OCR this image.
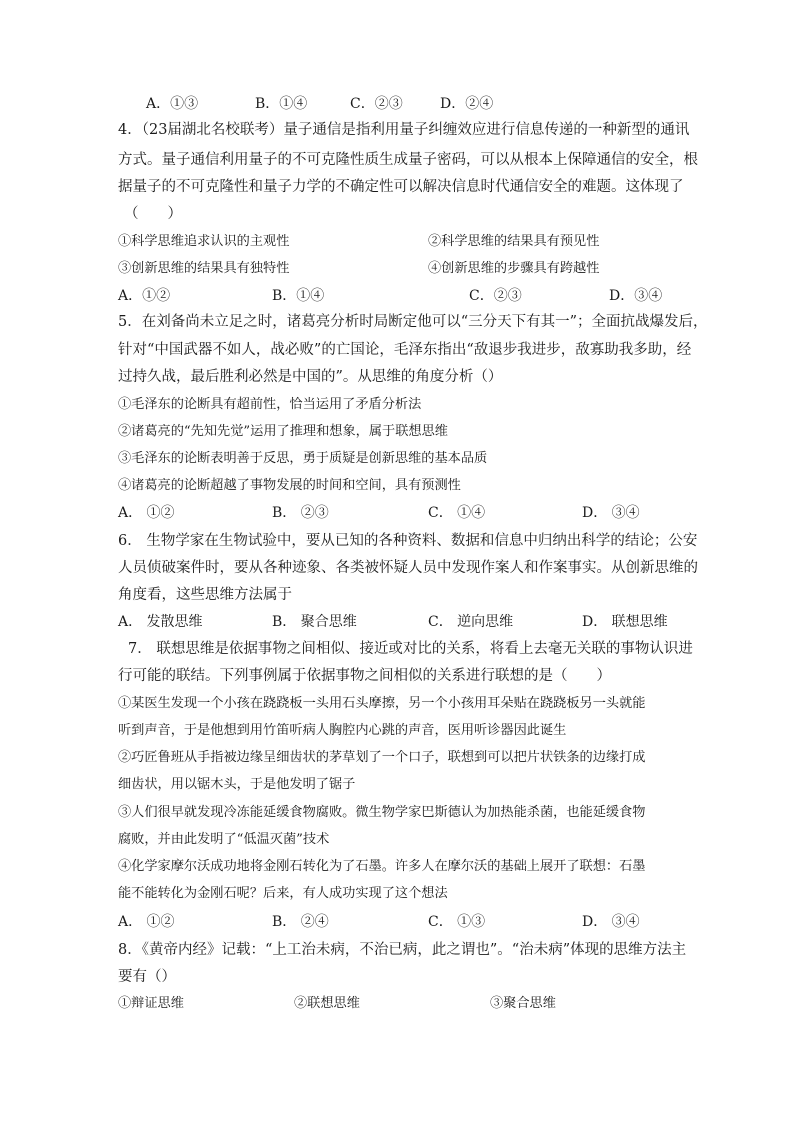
A．①③	B．①④	C．②③	D．②④
4．（23届湖北名校联考）量子通信是指利用量子纠缠效应进行信息传递的一种新型的通讯
方式。量子通信利用量子的不可克隆性质生成量子密码，可以从根本上保障通信的安全，根
据量子的不可克隆性和量子力学的不确定性可以解决信息时代通信安全的难题。这体现了
（　　）
①科学思维追求认识的主观性	②科学思维的结果具有预见性
③创新思维的结果具有独特性	④创新思维的步骤具有跨越性
A．①②	B．①④	C．②③	D．③④
5．在刘备尚未立足之时，诸葛亮分析时局断定他可以“三分天下有其一”；全面抗战爆发后，
针对“中国武器不如人，战必败”的亡国论，毛泽东指出“敌退步我进步，敌寡助我多助，经
过持久战，最后胜利必然是中国的”。从思维的角度分析（）
①毛泽东的论断具有超前性，恰当运用了矛盾分析法
②诸葛亮的“先知先觉”运用了推理和想象，属于联想思维
③毛泽东的论断表明善于反思，勇于质疑是创新思维的基本品质
④诸葛亮的论断超越了事物发展的时间和空间，具有预测性
A． ①②	B． ②③	C． ①④	D． ③④
6． 生物学家在生物试验中，要从已知的各种资料、数据和信息中归纳出科学的结论；公安
人员侦破案件时，要从各种迹象、各类被怀疑人员中发现作案人和作案事实。从创新思维的
角度看，这些思维方法属于
A． 发散思维	B． 聚合思维	C． 逆向思维	D． 联想思维
7． 联想思维是依据事物之间相似、接近或对比的关系，将看上去毫无关联的事物认识进
行可能的联结。下列事例属于依据事物之间相似的关系进行联想的是（　　）
①某医生发现一个小孩在跷跷板一头用石头摩擦，另一个小孩用耳朵贴在跷跷板另一头就能
听到声音，于是他想到用竹笛听病人胸腔内心跳的声音，医用听诊器因此诞生
②巧匠鲁班从手指被边缘呈细齿状的茅草划了一个口子，联想到可以把片状铁条的边缘打成
细齿状，用以锯木头，于是他发明了锯子
③人们很早就发现冷冻能延缓食物腐败。微生物学家巴斯德认为加热能杀菌，也能延缓食物
腐败，并由此发明了“低温灭菌”技术
④化学家摩尔沃成功地将金刚石转化为了石墨。许多人在摩尔沃的基础上展开了联想：石墨
能不能转化为金刚石呢？后来，有人成功实现了这个想法
A． ①②	B． ②④	C． ①③	D． ③④
8．《黄帝内经》记载：“上工治未病，不治已病，此之谓也”。“治未病”体现的思维方法主
要有（）
①辩证思维	②联想思维	③聚合思维
